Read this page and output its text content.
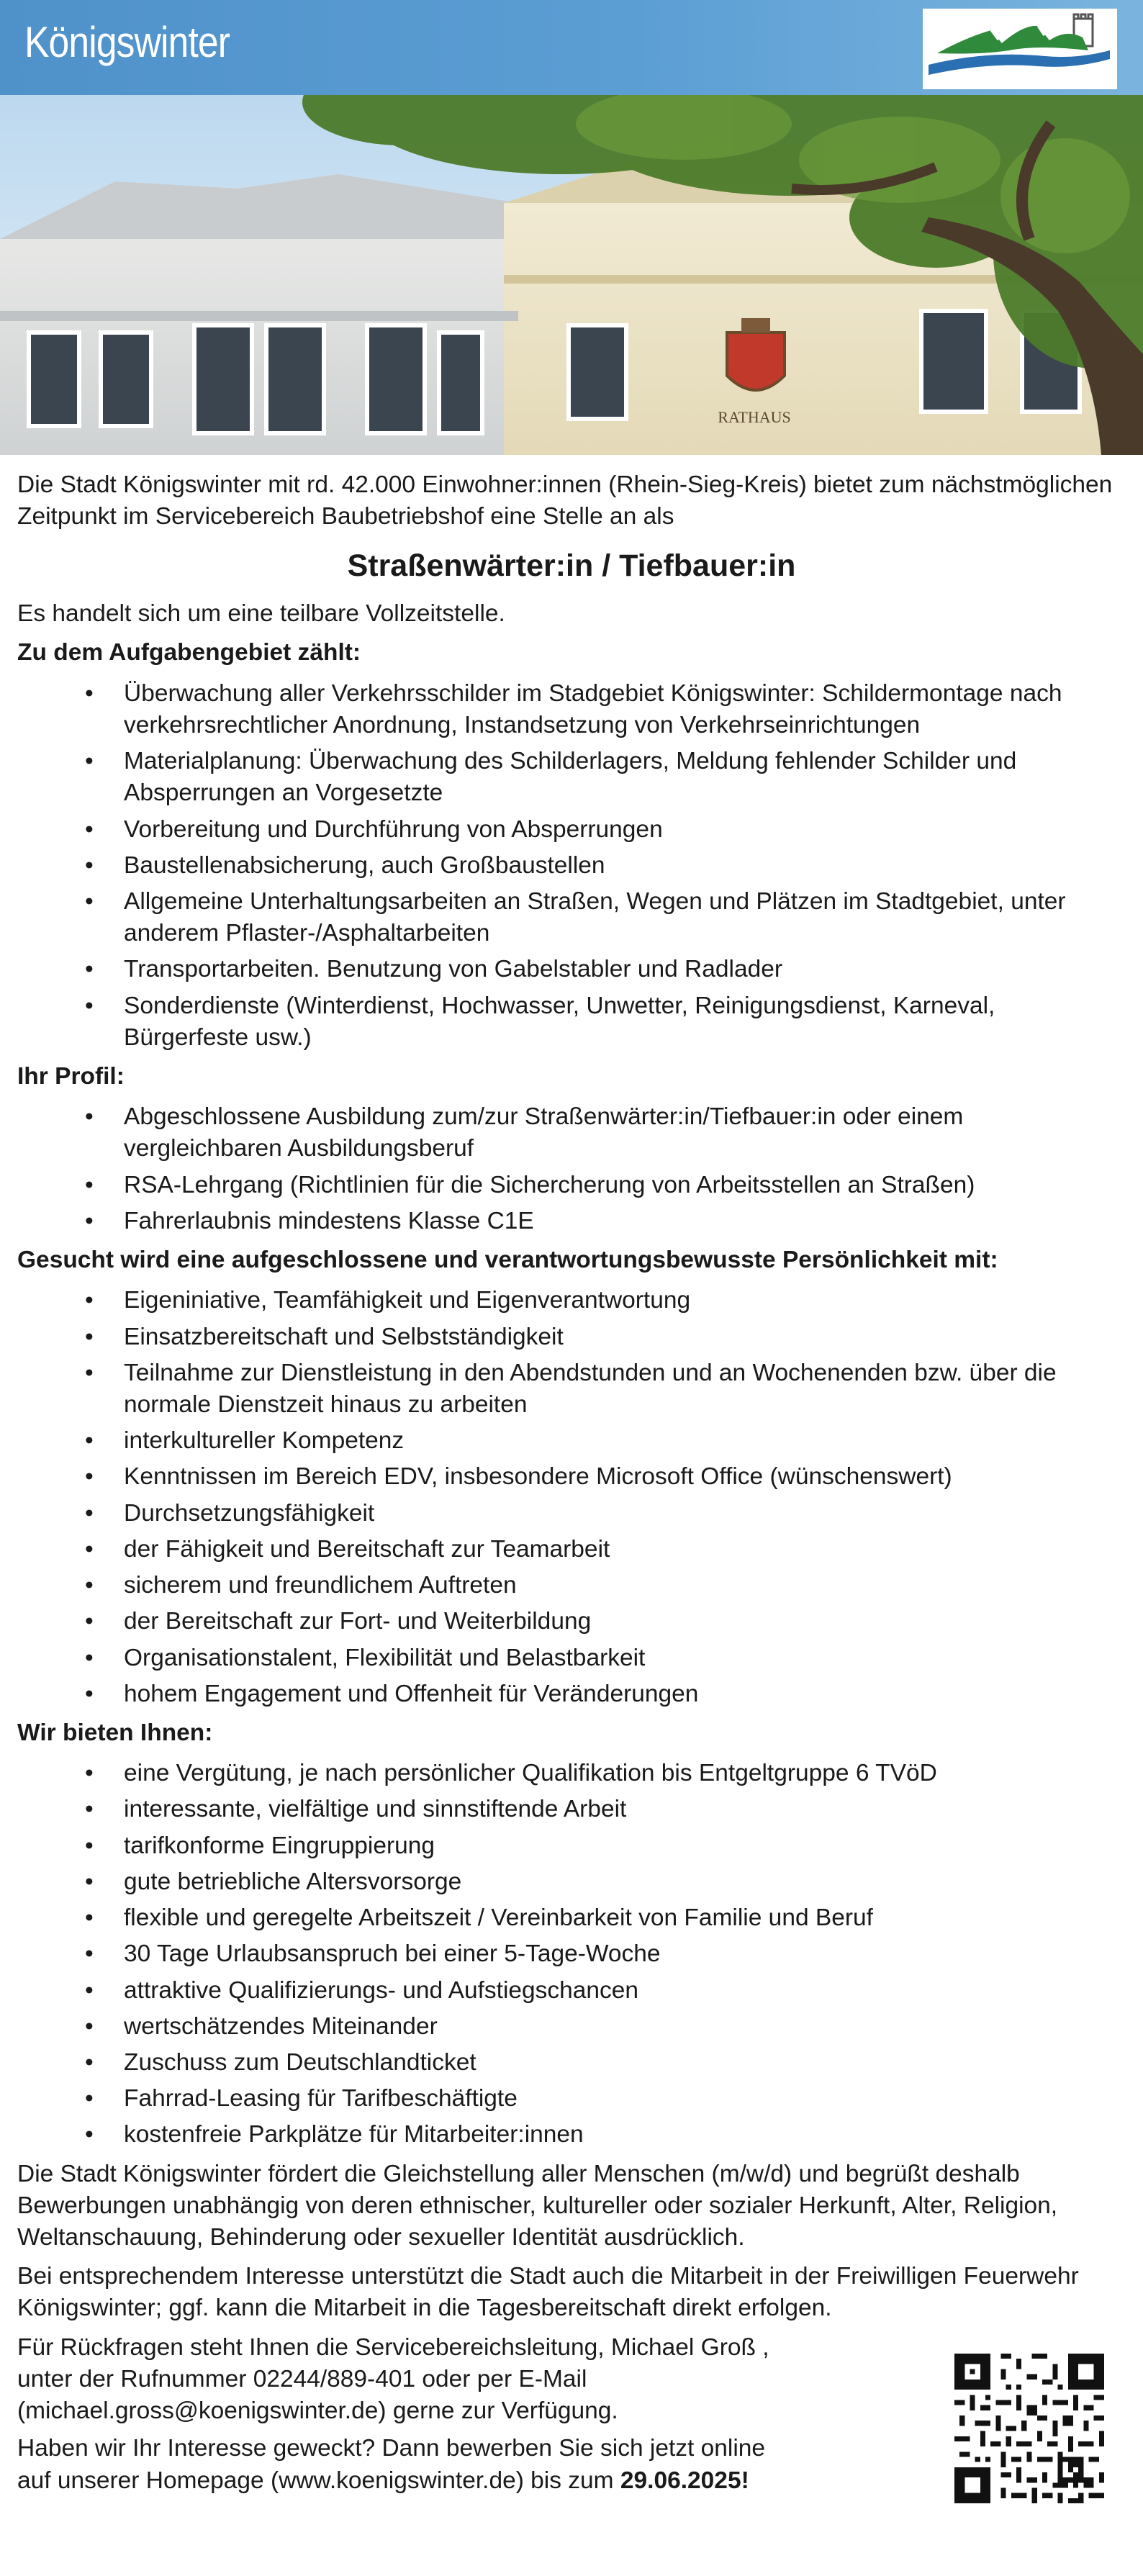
Königswinter
RATHAUS

Die Stadt Königswinter mit rd. 42.000 Einwohner:innen (Rhein-Sieg-Kreis) bietet zum nächstmöglichen Zeitpunkt im Servicebereich Baubetriebshof eine Stelle an als

Straßenwärter:in / Tiefbauer:in

Es handelt sich um eine teilbare Vollzeitstelle.

Zu dem Aufgabengebiet zählt:

• Überwachung aller Verkehrsschilder im Stadgebiet Königswinter: Schildermontage nach verkehrsrechtlicher Anordnung, Instandsetzung von Verkehrseinrichtungen
• Materialplanung: Überwachung des Schilderlagers, Meldung fehlender Schilder und Absperrungen an Vorgesetzte
• Vorbereitung und Durchführung von Absperrungen
• Baustellenabsicherung, auch Großbaustellen
• Allgemeine Unterhaltungsarbeiten an Straßen, Wegen und Plätzen im Stadtgebiet, unter anderem Pflaster-/Asphaltarbeiten
• Transportarbeiten. Benutzung von Gabelstabler und Radlader
• Sonderdienste (Winterdienst, Hochwasser, Unwetter, Reinigungsdienst, Karneval, Bürgerfeste usw.)

Ihr Profil:

• Abgeschlossene Ausbildung zum/zur Straßenwärter:in/Tiefbauer:in oder einem vergleichbaren Ausbildungsberuf
• RSA-Lehrgang (Richtlinien für die Sichercherung von Arbeitsstellen an Straßen)
• Fahrerlaubnis mindestens Klasse C1E

Gesucht wird eine aufgeschlossene und verantwortungsbewusste Persönlichkeit mit:

• Eigeniniative, Teamfähigkeit und Eigenverantwortung
• Einsatzbereitschaft und Selbstständigkeit
• Teilnahme zur Dienstleistung in den Abendstunden und an Wochenenden bzw. über die normale Dienstzeit hinaus zu arbeiten
• interkultureller Kompetenz
• Kenntnissen im Bereich EDV, insbesondere Microsoft Office (wünschenswert)
• Durchsetzungsfähigkeit
• der Fähigkeit und Bereitschaft zur Teamarbeit
• sicherem und freundlichem Auftreten
• der Bereitschaft zur Fort- und Weiterbildung
• Organisationstalent, Flexibilität und Belastbarkeit
• hohem Engagement und Offenheit für Veränderungen

Wir bieten Ihnen:

• eine Vergütung, je nach persönlicher Qualifikation bis Entgeltgruppe 6 TVöD
• interessante, vielfältige und sinnstiftende Arbeit
• tarifkonforme Eingruppierung
• gute betriebliche Altersvorsorge
• flexible und geregelte Arbeitszeit / Vereinbarkeit von Familie und Beruf
• 30 Tage Urlaubsanspruch bei einer 5-Tage-Woche
• attraktive Qualifizierungs- und Aufstiegschancen
• wertschätzendes Miteinander
• Zuschuss zum Deutschlandticket
• Fahrrad-Leasing für Tarifbeschäftigte
• kostenfreie Parkplätze für Mitarbeiter:innen

Die Stadt Königswinter fördert die Gleichstellung aller Menschen (m/w/d) und begrüßt deshalb Bewerbungen unabhängig von deren ethnischer, kultureller oder sozialer Herkunft, Alter, Religion, Weltanschauung, Behinderung oder sexueller Identität ausdrücklich.

Bei entsprechendem Interesse unterstützt die Stadt auch die Mitarbeit in der Freiwilligen Feuerwehr Königswinter; ggf. kann die Mitarbeit in die Tagesbereitschaft direkt erfolgen.

Für Rückfragen steht Ihnen die Servicebereichsleitung, Michael Groß ,
unter der Rufnummer 02244/889-401 oder per E-Mail
(michael.gross@koenigswinter.de) gerne zur Verfügung.
Haben wir Ihr Interesse geweckt? Dann bewerben Sie sich jetzt online
auf unserer Homepage (www.koenigswinter.de) bis zum 29.06.2025!
